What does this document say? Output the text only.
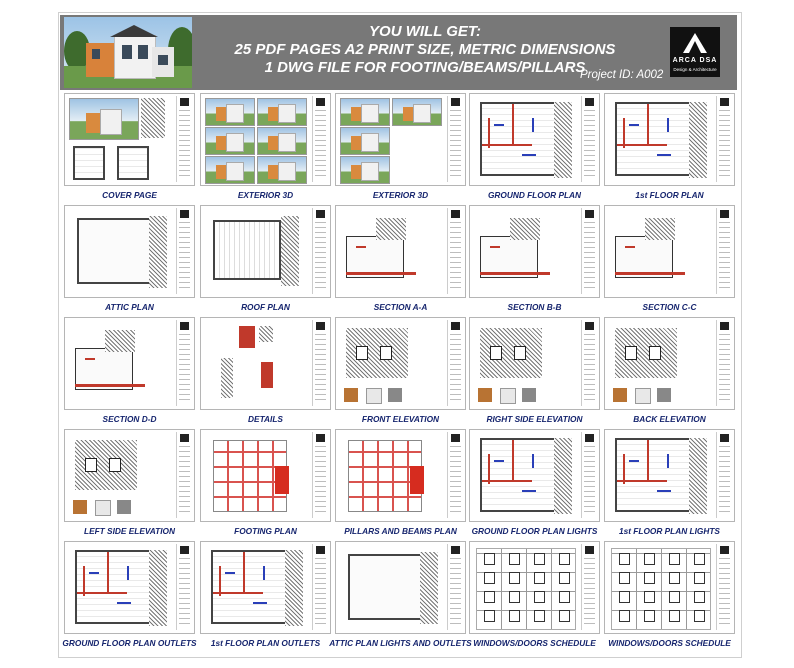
YOU WILL GET:
25 PDF PAGES A2 PRINT SIZE, METRIC DIMENSIONS
1 DWG FILE FOR FOOTING/BEAMS/PILLARS
Project ID: A002
ARCA DSA
Design & Architecture
COVER PAGE	EXTERIOR 3D	EXTERIOR 3D	GROUND FLOOR PLAN	1st FLOOR PLAN
ATTIC PLAN	ROOF PLAN	SECTION A-A	SECTION B-B	SECTION C-C
SECTION D-D	DETAILS	FRONT ELEVATION	RIGHT SIDE ELEVATION	BACK ELEVATION
LEFT SIDE ELEVATION	FOOTING PLAN	PILLARS AND BEAMS PLAN	GROUND FLOOR PLAN LIGHTS	1st FLOOR PLAN LIGHTS
GROUND FLOOR PLAN OUTLETS	1st FLOOR PLAN OUTLETS	ATTIC PLAN LIGHTS AND OUTLETS WINDOWS/DOORS SCHEDULE	WINDOWS/DOORS SCHEDULE
